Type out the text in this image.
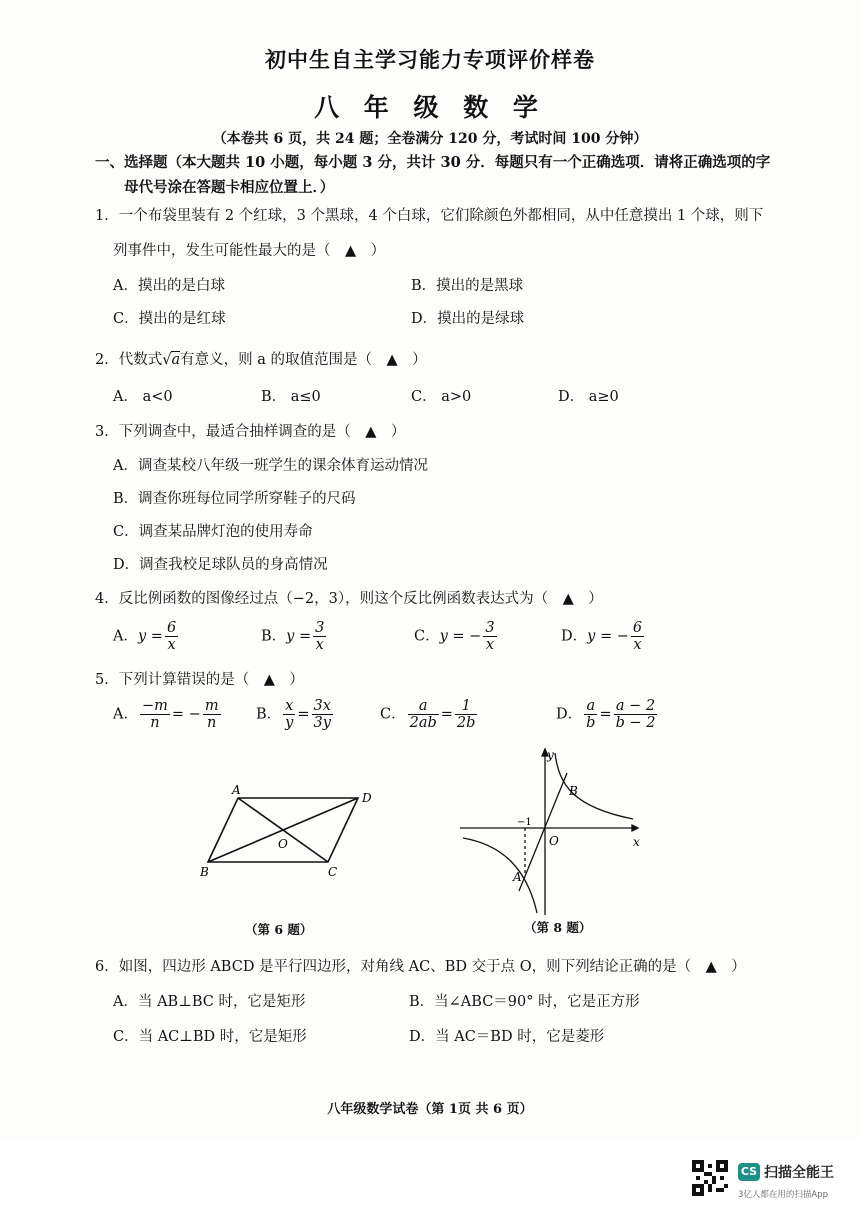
初中生自主学习能力专项评价样卷
八 年 级 数 学
（本卷共 6 页，共 24 题；全卷满分 120 分，考试时间 100 分钟）
一、选择题（本大题共 10 小题，每小题 3 分，共计 30 分．每题只有一个正确选项．请将正确选项的字
母代号涂在答题卡相应位置上．）
1．一个布袋里装有 2 个红球，3 个黑球，4 个白球，它们除颜色外都相同，从中任意摸出 1 个球，则下
列事件中，发生可能性最大的是（　▲　）
A．摸出的是白球	B．摸出的是黑球
C．摸出的是红球	D．摸出的是绿球
2．代数式√a有意义，则 a 的取值范围是（　▲　）
A． a<0	B． a≤0	C． a>0	D． a≥0
3．下列调查中，最适合抽样调查的是（　▲　）
A．调查某校八年级一班学生的课余体育运动情况
B．调查你班每位同学所穿鞋子的尺码
C．调查某品牌灯泡的使用寿命
D．调查我校足球队员的身高情况
4．反比例函数的图像经过点（−2，3），则这个反比例函数表达式为（　▲　）
A．$y = \frac{6}{x}$	B．$y = \frac{3}{x}$	C．y = − $\frac{3}{x}$	D．y = − $\frac{6}{x}$
5．下列计算错误的是（　▲　）
A． $\frac{-m}{n}$ = − $\frac{m}{n}$ B． $\frac{x}{y} = \frac{3x}{3y}$	C． $\frac{a}{2ab} = \frac{1}{2b}$	D． $\frac{a}{b} = \frac{a - 2}{b - 2}$
A
D
B	C
O
（第 6 题）
y
x
O
B
A
−1
（第 8 题）
6．如图，四边形 ABCD 是平行四边形，对角线 AC、BD 交于点 O，则下列结论正确的是（　▲　）
A．当 AB⊥BC 时，它是矩形	B．当∠ABC＝90° 时，它是正方形
C．当 AC⊥BD 时，它是矩形	D．当 AC＝BD 时，它是菱形
八年级数学试卷（第 1页 共 6 页）
CS 扫描全能王
3亿人都在用的扫描App
